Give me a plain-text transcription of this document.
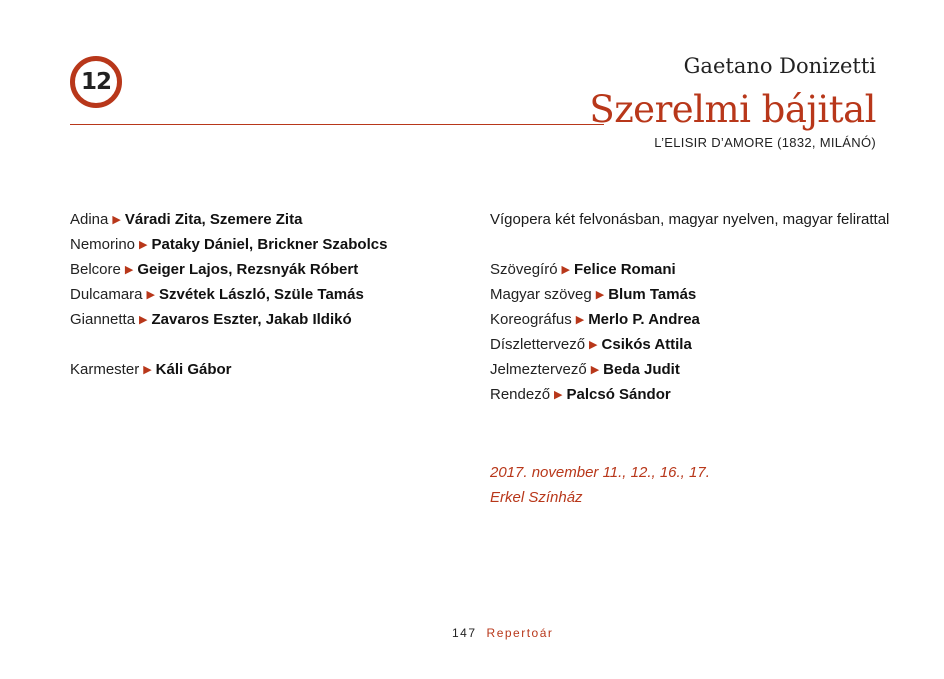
12
Gaetano Donizetti
Szerelmi bájital
L’ELISIR D’AMORE (1832, MILÁNÓ)
Adina ▶ Váradi Zita, Szemere Zita
Nemorino ▶ Pataky Dániel, Brickner Szabolcs
Belcore ▶ Geiger Lajos, Rezsnyák Róbert
Dulcamara ▶ Szvétek László, Szüle Tamás
Giannetta ▶ Zavaros Eszter, Jakab Ildikó
Karmester ▶ Káli Gábor
Vígopera két felvonásban, magyar nyelven, magyar felirattal
Szövegíró ▶ Felice Romani
Magyar szöveg ▶ Blum Tamás
Koreográfus ▶ Merlo P. Andrea
Díszlettervező ▶ Csikós Attila
Jelmeztervező ▶ Beda Judit
Rendező ▶ Palcsó Sándor
2017. november 11., 12., 16., 17.
Erkel Színház
147 Repertoár
